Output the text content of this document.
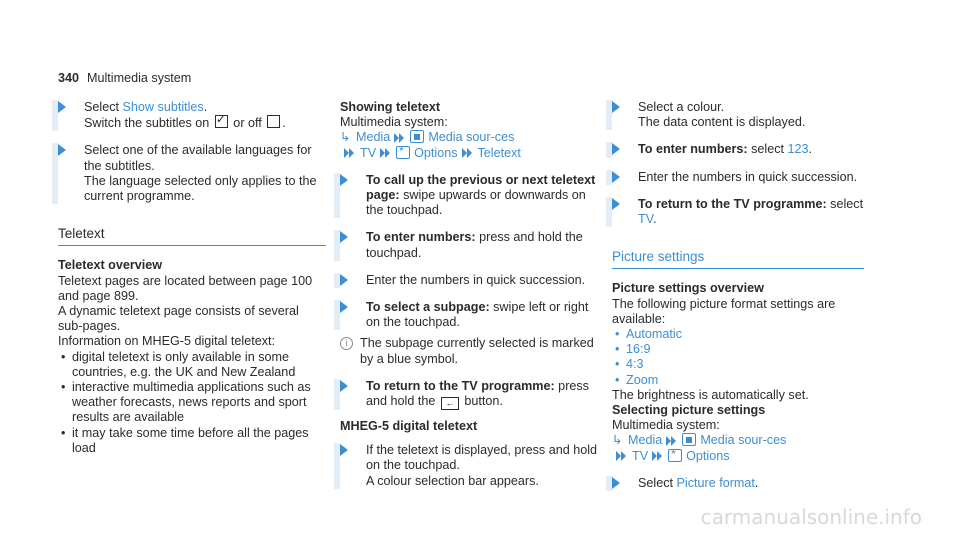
340 Multimedia system
Select Show subtitles.
Switch the subtitles on ✓ or off .
Select one of the available languages for the subtitles.
The language selected only applies to the current programme.
Teletext
Teletext overview
Teletext pages are located between page 100 and page 899.
A dynamic teletext page consists of several sub-pages.
Information on MHEG-5 digital teletext:
• digital teletext is only available in some countries, e.g. the UK and New Zealand
• interactive multimedia applications such as weather forecasts, news reports and sport results are available
• it may take some time before all the pages load
Showing teletext
Multimedia system:
↳ Media	Media sour-ces
TV *	Options Teletext
To call up the previous or next teletext page: swipe upwards or downwards on the touchpad.
To enter numbers: press and hold the touchpad.
Enter the numbers in quick succession.
To select a subpage: swipe left or right on the touchpad.
i The subpage currently selected is marked by a blue symbol.
To return to the TV programme: press and hold the ← button.
MHEG-5 digital teletext
If the teletext is displayed, press and hold on the touchpad.
A colour selection bar appears.
Select a colour.
The data content is displayed.
To enter numbers: select 123.
Enter the numbers in quick succession.
To return to the TV programme: select TV.
Picture settings
Picture settings overview
The following picture format settings are available:
• Automatic
• 16:9
• 4:3
• Zoom
The brightness is automatically set.
Selecting picture settings
Multimedia system:
↳ Media	Media sour-ces
TV *	Options
Select Picture format.
carmanualsonline.info
